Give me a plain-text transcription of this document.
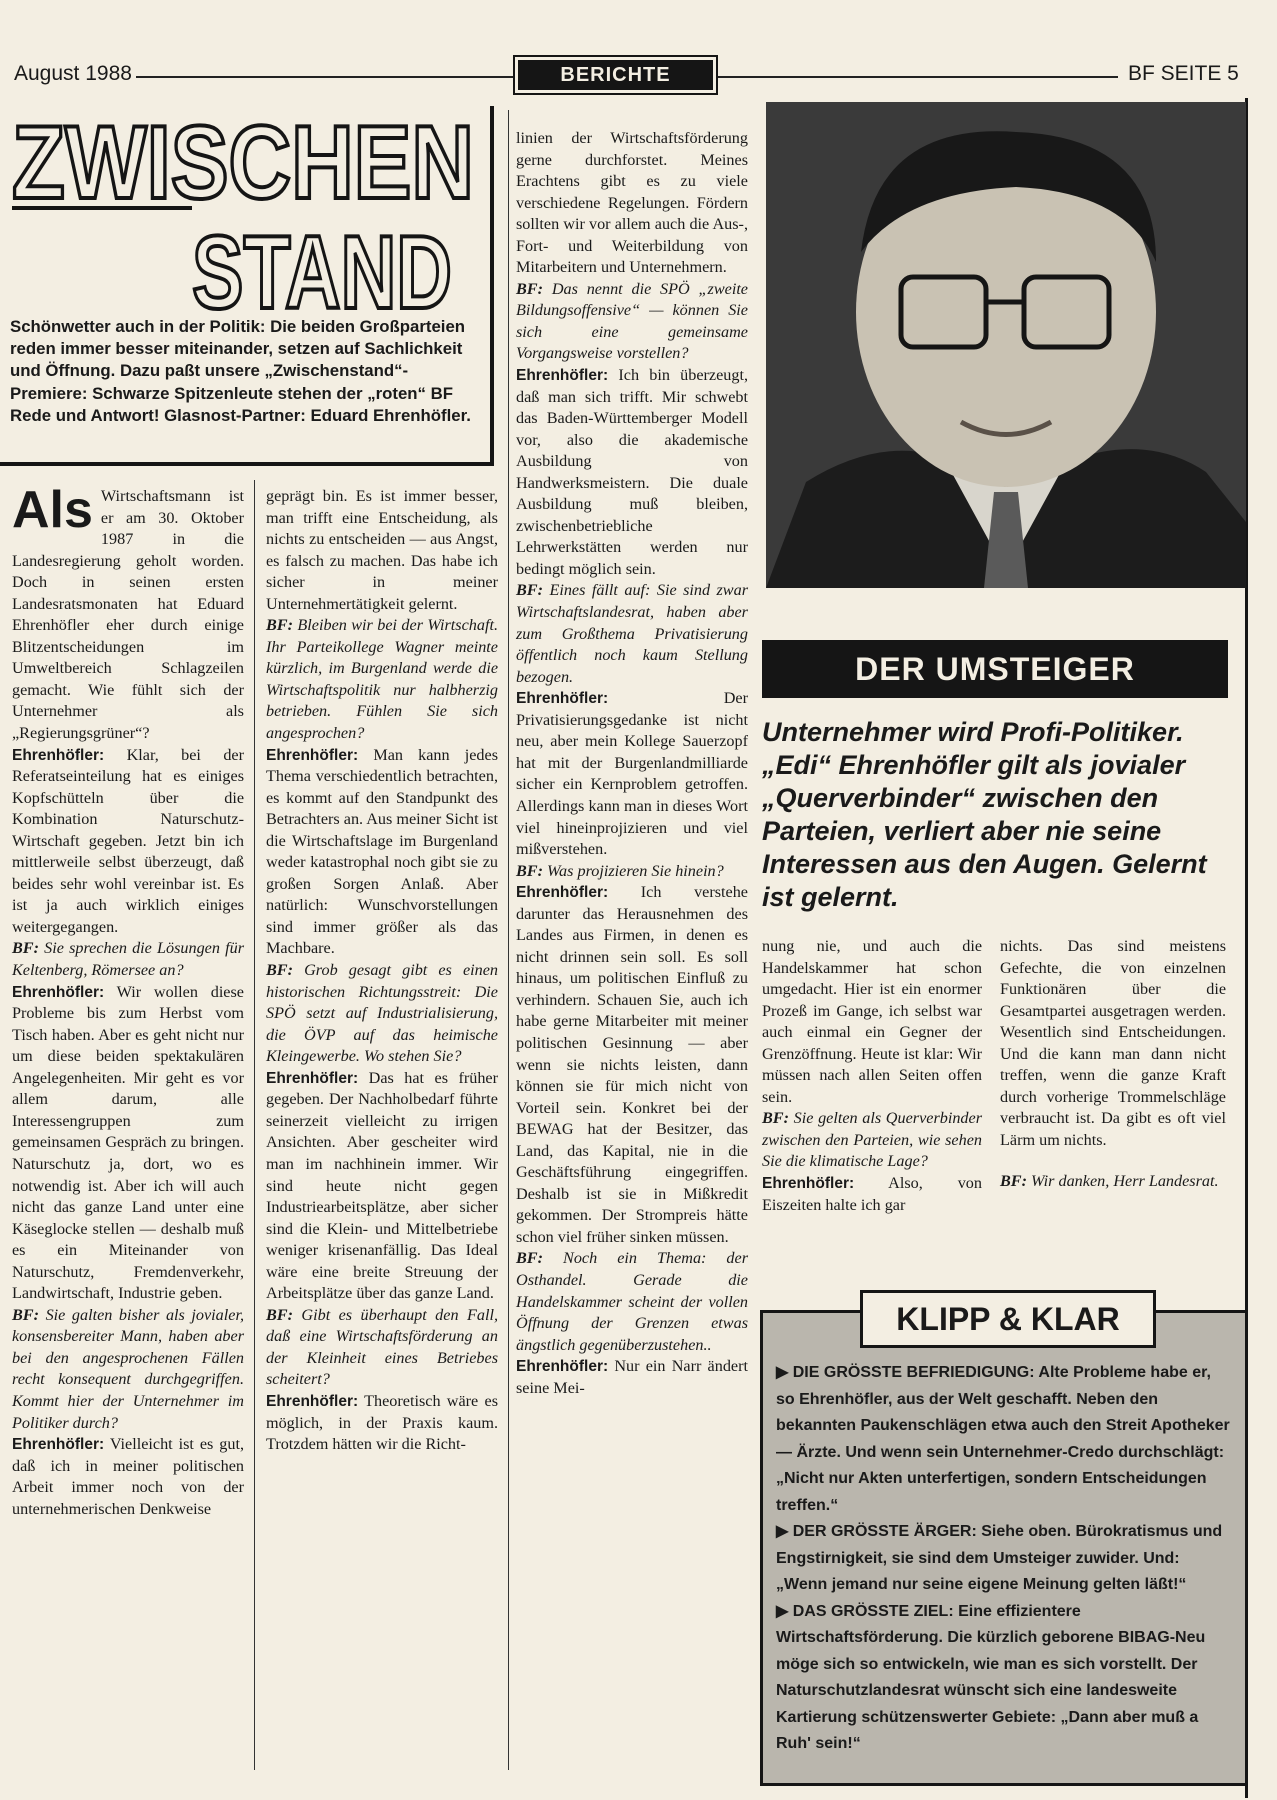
August 1988	BERICHTE	BF SEITE 5
ZWISCHEN
STAND
Schönwetter auch in der Politik: Die beiden Großparteien reden immer besser miteinander, setzen auf Sachlichkeit und Öffnung. Dazu paßt unsere „Zwischenstand“-Premiere: Schwarze Spitzenleute stehen der „roten“ BF Rede und Antwort! Glasnost-Partner: Eduard Ehrenhöfler.

Als Wirtschaftsmann ist er am 30. Oktober 1987 in die Landesregierung geholt worden. Doch in seinen ersten Landesratsmonaten hat Eduard Ehrenhöfler eher durch einige Blitzentscheidungen im Umweltbereich Schlagzeilen gemacht. Wie fühlt sich der Unternehmer als „Regierungsgrüner“?

Ehrenhöfler: Klar, bei der Referatseinteilung hat es einiges Kopfschütteln über die Kombination Naturschutz-Wirtschaft gegeben. Jetzt bin ich mittlerweile selbst überzeugt, daß beides sehr wohl vereinbar ist. Es ist ja auch wirklich einiges weitergegangen.

BF: Sie sprechen die Lösungen für Keltenberg, Römersee an?

Ehrenhöfler: Wir wollen diese Probleme bis zum Herbst vom Tisch haben. Aber es geht nicht nur um diese beiden spektakulären Angelegenheiten. Mir geht es vor allem darum, alle Interessengruppen zum gemeinsamen Gespräch zu bringen. Naturschutz ja, dort, wo es notwendig ist. Aber ich will auch nicht das ganze Land unter eine Käseglocke stellen — deshalb muß es ein Miteinander von Naturschutz, Fremdenverkehr, Landwirtschaft, Industrie geben.

BF: Sie galten bisher als jovialer, konsensbereiter Mann, haben aber bei den angesprochenen Fällen recht konsequent durchgegriffen. Kommt hier der Unternehmer im Politiker durch?

Ehrenhöfler: Vielleicht ist es gut, daß ich in meiner politischen Arbeit immer noch von der unternehmerischen Denkweise

geprägt bin. Es ist immer besser, man trifft eine Entscheidung, als nichts zu entscheiden — aus Angst, es falsch zu machen. Das habe ich sicher in meiner Unternehmertätigkeit gelernt.

BF: Bleiben wir bei der Wirtschaft. Ihr Parteikollege Wagner meinte kürzlich, im Burgenland werde die Wirtschaftspolitik nur halbherzig betrieben. Fühlen Sie sich angesprochen?

Ehrenhöfler: Man kann jedes Thema verschiedentlich betrachten, es kommt auf den Standpunkt des Betrachters an. Aus meiner Sicht ist die Wirtschaftslage im Burgenland weder katastrophal noch gibt sie zu großen Sorgen Anlaß. Aber natürlich: Wunschvorstellungen sind immer größer als das Machbare.

BF: Grob gesagt gibt es einen historischen Richtungsstreit: Die SPÖ setzt auf Industrialisierung, die ÖVP auf das heimische Kleingewerbe. Wo stehen Sie?

Ehrenhöfler: Das hat es früher gegeben. Der Nachholbedarf führte seinerzeit vielleicht zu irrigen Ansichten. Aber gescheiter wird man im nachhinein immer. Wir sind heute nicht gegen Industriearbeitsplätze, aber sicher sind die Klein- und Mittelbetriebe weniger krisenanfällig. Das Ideal wäre eine breite Streuung der Arbeitsplätze über das ganze Land.

BF: Gibt es überhaupt den Fall, daß eine Wirtschaftsförderung an der Kleinheit eines Betriebes scheitert?

Ehrenhöfler: Theoretisch wäre es möglich, in der Praxis kaum. Trotzdem hätten wir die Richt-

linien der Wirtschaftsförderung gerne durchforstet. Meines Erachtens gibt es zu viele verschiedene Regelungen. Fördern sollten wir vor allem auch die Aus-, Fort- und Weiterbildung von Mitarbeitern und Unternehmern.

BF: Das nennt die SPÖ „zweite Bildungsoffensive“ — können Sie sich eine gemeinsame Vorgangsweise vorstellen?

Ehrenhöfler: Ich bin überzeugt, daß man sich trifft. Mir schwebt das Baden-Württemberger Modell vor, also die akademische Ausbildung von Handwerksmeistern. Die duale Ausbildung muß bleiben, zwischenbetriebliche Lehrwerkstätten werden nur bedingt möglich sein.

BF: Eines fällt auf: Sie sind zwar Wirtschaftslandesrat, haben aber zum Großthema Privatisierung öffentlich noch kaum Stellung bezogen.

Ehrenhöfler:	Der Privatisierungsgedanke ist nicht neu, aber mein Kollege Sauerzopf hat mit der Burgenlandmilliarde sicher ein Kernproblem getroffen. Allerdings kann man in dieses Wort viel hineinprojizieren und viel mißverstehen.

BF: Was projizieren Sie hinein?

Ehrenhöfler: Ich verstehe darunter das Herausnehmen des Landes aus Firmen, in denen es nicht drinnen sein soll. Es soll hinaus, um politischen Einfluß zu verhindern. Schauen Sie, auch ich habe gerne Mitarbeiter mit meiner politischen Gesinnung — aber wenn sie nichts leisten, dann können sie für mich nicht von Vorteil sein. Konkret bei der BEWAG hat der Besitzer, das Land, das Kapital, nie in die Geschäftsführung eingegriffen. Deshalb ist sie in Mißkredit gekommen. Der Strompreis hätte schon viel früher sinken müssen.

BF: Noch ein Thema: der Osthandel. Gerade die Handelskammer scheint der vollen Öffnung der Grenzen etwas ängstlich gegenüberzustehen..

Ehrenhöfler: Nur ein Narr ändert seine Mei-

DER UMSTEIGER
Unternehmer wird Profi-Politiker. „Edi“ Ehrenhöfler gilt als jovialer „Querverbinder“ zwischen den Parteien, verliert aber nie seine Interessen aus den Augen. Gelernt ist gelernt.

nung nie, und auch die Handelskammer hat schon umgedacht. Hier ist ein enormer Prozeß im Gange, ich selbst war auch einmal ein Gegner der Grenzöffnung. Heute ist klar: Wir müssen nach allen Seiten offen sein.

BF: Sie gelten als Querverbinder zwischen den Parteien, wie sehen Sie die klimatische Lage?

Ehrenhöfler: Also, von Eiszeiten halte ich gar

nichts. Das sind meistens Gefechte, die von einzelnen Funktionären über die Gesamtpartei ausgetragen werden. Wesentlich sind Entscheidungen. Und die kann man dann nicht treffen, wenn die ganze Kraft durch vorherige Trommelschläge verbraucht ist. Da gibt es oft viel Lärm um nichts.

BF: Wir danken, Herr Landesrat.

KLIPP & KLAR

▶ DIE GRÖSSTE BEFRIEDIGUNG: Alte Probleme habe er, so Ehrenhöfler, aus der Welt geschafft. Neben den bekannten Paukenschlägen etwa auch den Streit Apotheker — Ärzte. Und wenn sein Unternehmer-Credo durchschlägt: „Nicht nur Akten unterfertigen, sondern Entscheidungen treffen.“

▶ DER GRÖSSTE ÄRGER: Siehe oben. Bürokratismus und Engstirnigkeit, sie sind dem Umsteiger zuwider. Und: „Wenn jemand nur seine eigene Meinung gelten läßt!“

▶ DAS GRÖSSTE ZIEL: Eine effizientere Wirtschaftsförderung. Die kürzlich geborene BIBAG-Neu möge sich so entwickeln, wie man es sich vorstellt. Der Naturschutzlandesrat wünscht sich eine landesweite Kartierung schützenswerter Gebiete: „Dann aber muß a Ruh' sein!“
